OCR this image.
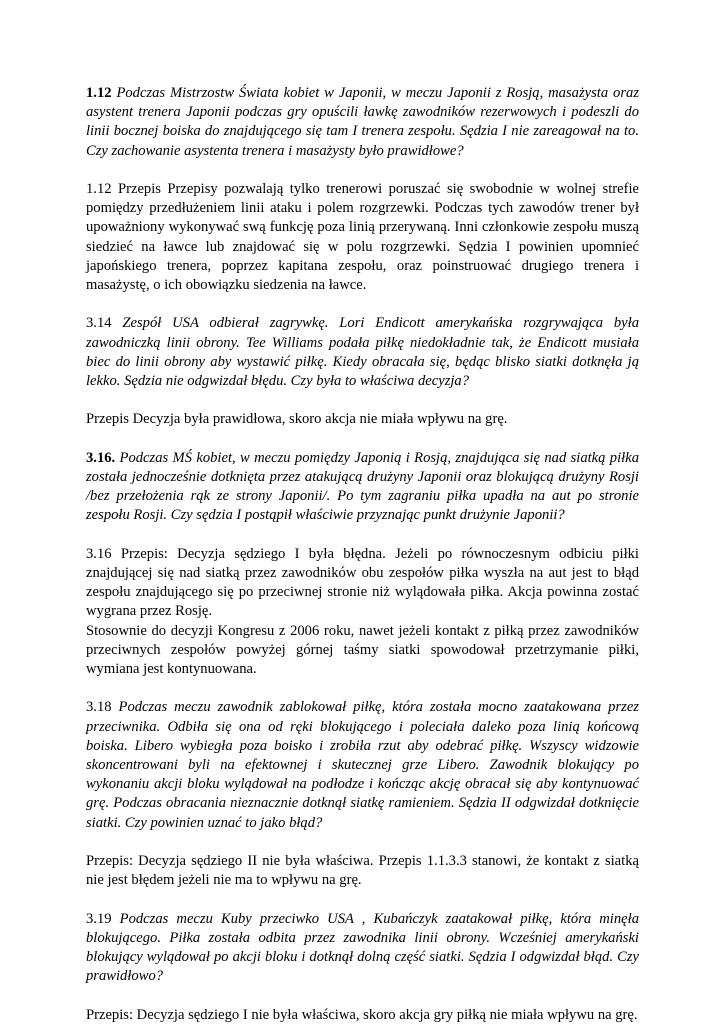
1.12 Podczas Mistrzostw Świata kobiet w Japonii, w meczu Japonii z Rosją, masażysta oraz asystent trenera Japonii podczas gry opuścili ławkę zawodników rezerwowych i podeszli do linii bocznej boiska do znajdującego się tam I trenera zespołu. Sędzia I nie zareagował na to. Czy zachowanie asystenta trenera i masażysty było prawidłowe?

1.12 Przepis Przepisy pozwalają tylko trenerowi poruszać się swobodnie w wolnej strefie pomiędzy przedłużeniem linii ataku i polem rozgrzewki. Podczas tych zawodów trener był upoważniony wykonywać swą funkcję poza linią przerywaną. Inni członkowie zespołu muszą siedzieć na ławce lub znajdować się w polu rozgrzewki. Sędzia I powinien upomnieć japońskiego trenera, poprzez kapitana zespołu, oraz poinstruować drugiego trenera i masażystę, o ich obowiązku siedzenia na ławce.

3.14 Zespół USA odbierał zagrywkę. Lori Endicott amerykańska rozgrywająca była zawodniczką linii obrony. Tee Williams podała piłkę niedokładnie tak, że Endicott musiała biec do linii obrony aby wystawić piłkę. Kiedy obracała się, będąc blisko siatki dotknęła ją lekko. Sędzia nie odgwizdał błędu. Czy była to właściwa decyzja?

Przepis Decyzja była prawidłowa, skoro akcja nie miała wpływu na grę.

3.16. Podczas MŚ kobiet, w meczu pomiędzy Japonią i Rosją, znajdująca się nad siatką piłka została jednocześnie dotknięta przez atakującą drużyny Japonii oraz blokującą drużyny Rosji /bez przełożenia rąk ze strony Japonii/. Po tym zagraniu piłka upadła na aut po stronie zespołu Rosji. Czy sędzia I postąpił właściwie przyznając punkt drużynie Japonii?

3.16 Przepis: Decyzja sędziego I była błędna. Jeżeli po równoczesnym odbiciu piłki znajdującej się nad siatką przez zawodników obu zespołów piłka wyszła na aut jest to błąd zespołu znajdującego się po przeciwnej stronie niż wylądowała piłka. Akcja powinna zostać wygrana przez Rosję.
Stosownie do decyzji Kongresu z 2006 roku, nawet jeżeli kontakt z piłką przez zawodników przeciwnych zespołów powyżej górnej taśmy siatki spowodował przetrzymanie piłki, wymiana jest kontynuowana.

3.18 Podczas meczu zawodnik zablokował piłkę, która została mocno zaatakowana przez przeciwnika. Odbiła się ona od ręki blokującego i poleciała daleko poza linią końcową boiska. Libero wybiegła poza boisko i zrobiła rzut aby odebrać piłkę. Wszyscy widzowie skoncentrowani byli na efektownej i skutecznej grze Libero. Zawodnik blokujący po wykonaniu akcji bloku wylądował na podłodze i kończąc akcję obracał się aby kontynuować grę. Podczas obracania nieznacznie dotknął siatkę ramieniem. Sędzia II odgwizdał dotknięcie siatki. Czy powinien uznać to jako błąd?

Przepis: Decyzja sędziego II nie była właściwa. Przepis 1.1.3.3 stanowi, że kontakt z siatką nie jest błędem jeżeli nie ma to wpływu na grę.

3.19 Podczas meczu Kuby przeciwko USA , Kubańczyk zaatakował piłkę, która minęła blokującego. Piłka została odbita przez zawodnika linii obrony. Wcześniej amerykański blokujący wylądował po akcji bloku i dotknął dolną część siatki. Sędzia I odgwizdał błąd. Czy prawidłowo?

Przepis: Decyzja sędziego I nie była właściwa, skoro akcja gry piłką nie miała wpływu na grę.
